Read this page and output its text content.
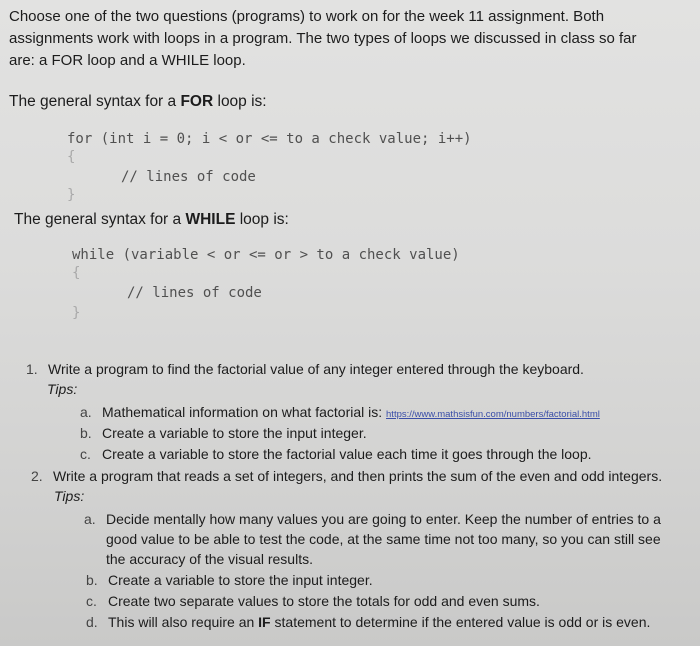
Choose one of the two questions (programs) to work on for the week 11 assignment. Both
assignments work with loops in a program. The two types of loops we discussed in class so far
are: a FOR loop and a WHILE loop.
The general syntax for a FOR loop is:
for (int i = 0; i < or <= to a check value; i++)
{
// lines of code
}
The general syntax for a WHILE loop is:
while (variable < or <= or > to a check value)
{
// lines of code
}
1. Write a program to find the factorial value of any integer entered through the keyboard.
Tips:
a. Mathematical information on what factorial is: https://www.mathsisfun.com/numbers/factorial.html
b. Create a variable to store the input integer.
c. Create a variable to store the factorial value each time it goes through the loop.
2. Write a program that reads a set of integers, and then prints the sum of the even and odd integers.
Tips:
a. Decide mentally how many values you are going to enter. Keep the number of entries to a
good value to be able to test the code, at the same time not too many, so you can still see
the accuracy of the visual results.
b. Create a variable to store the input integer.
c. Create two separate values to store the totals for odd and even sums.
d. This will also require an IF statement to determine if the entered value is odd or is even.
